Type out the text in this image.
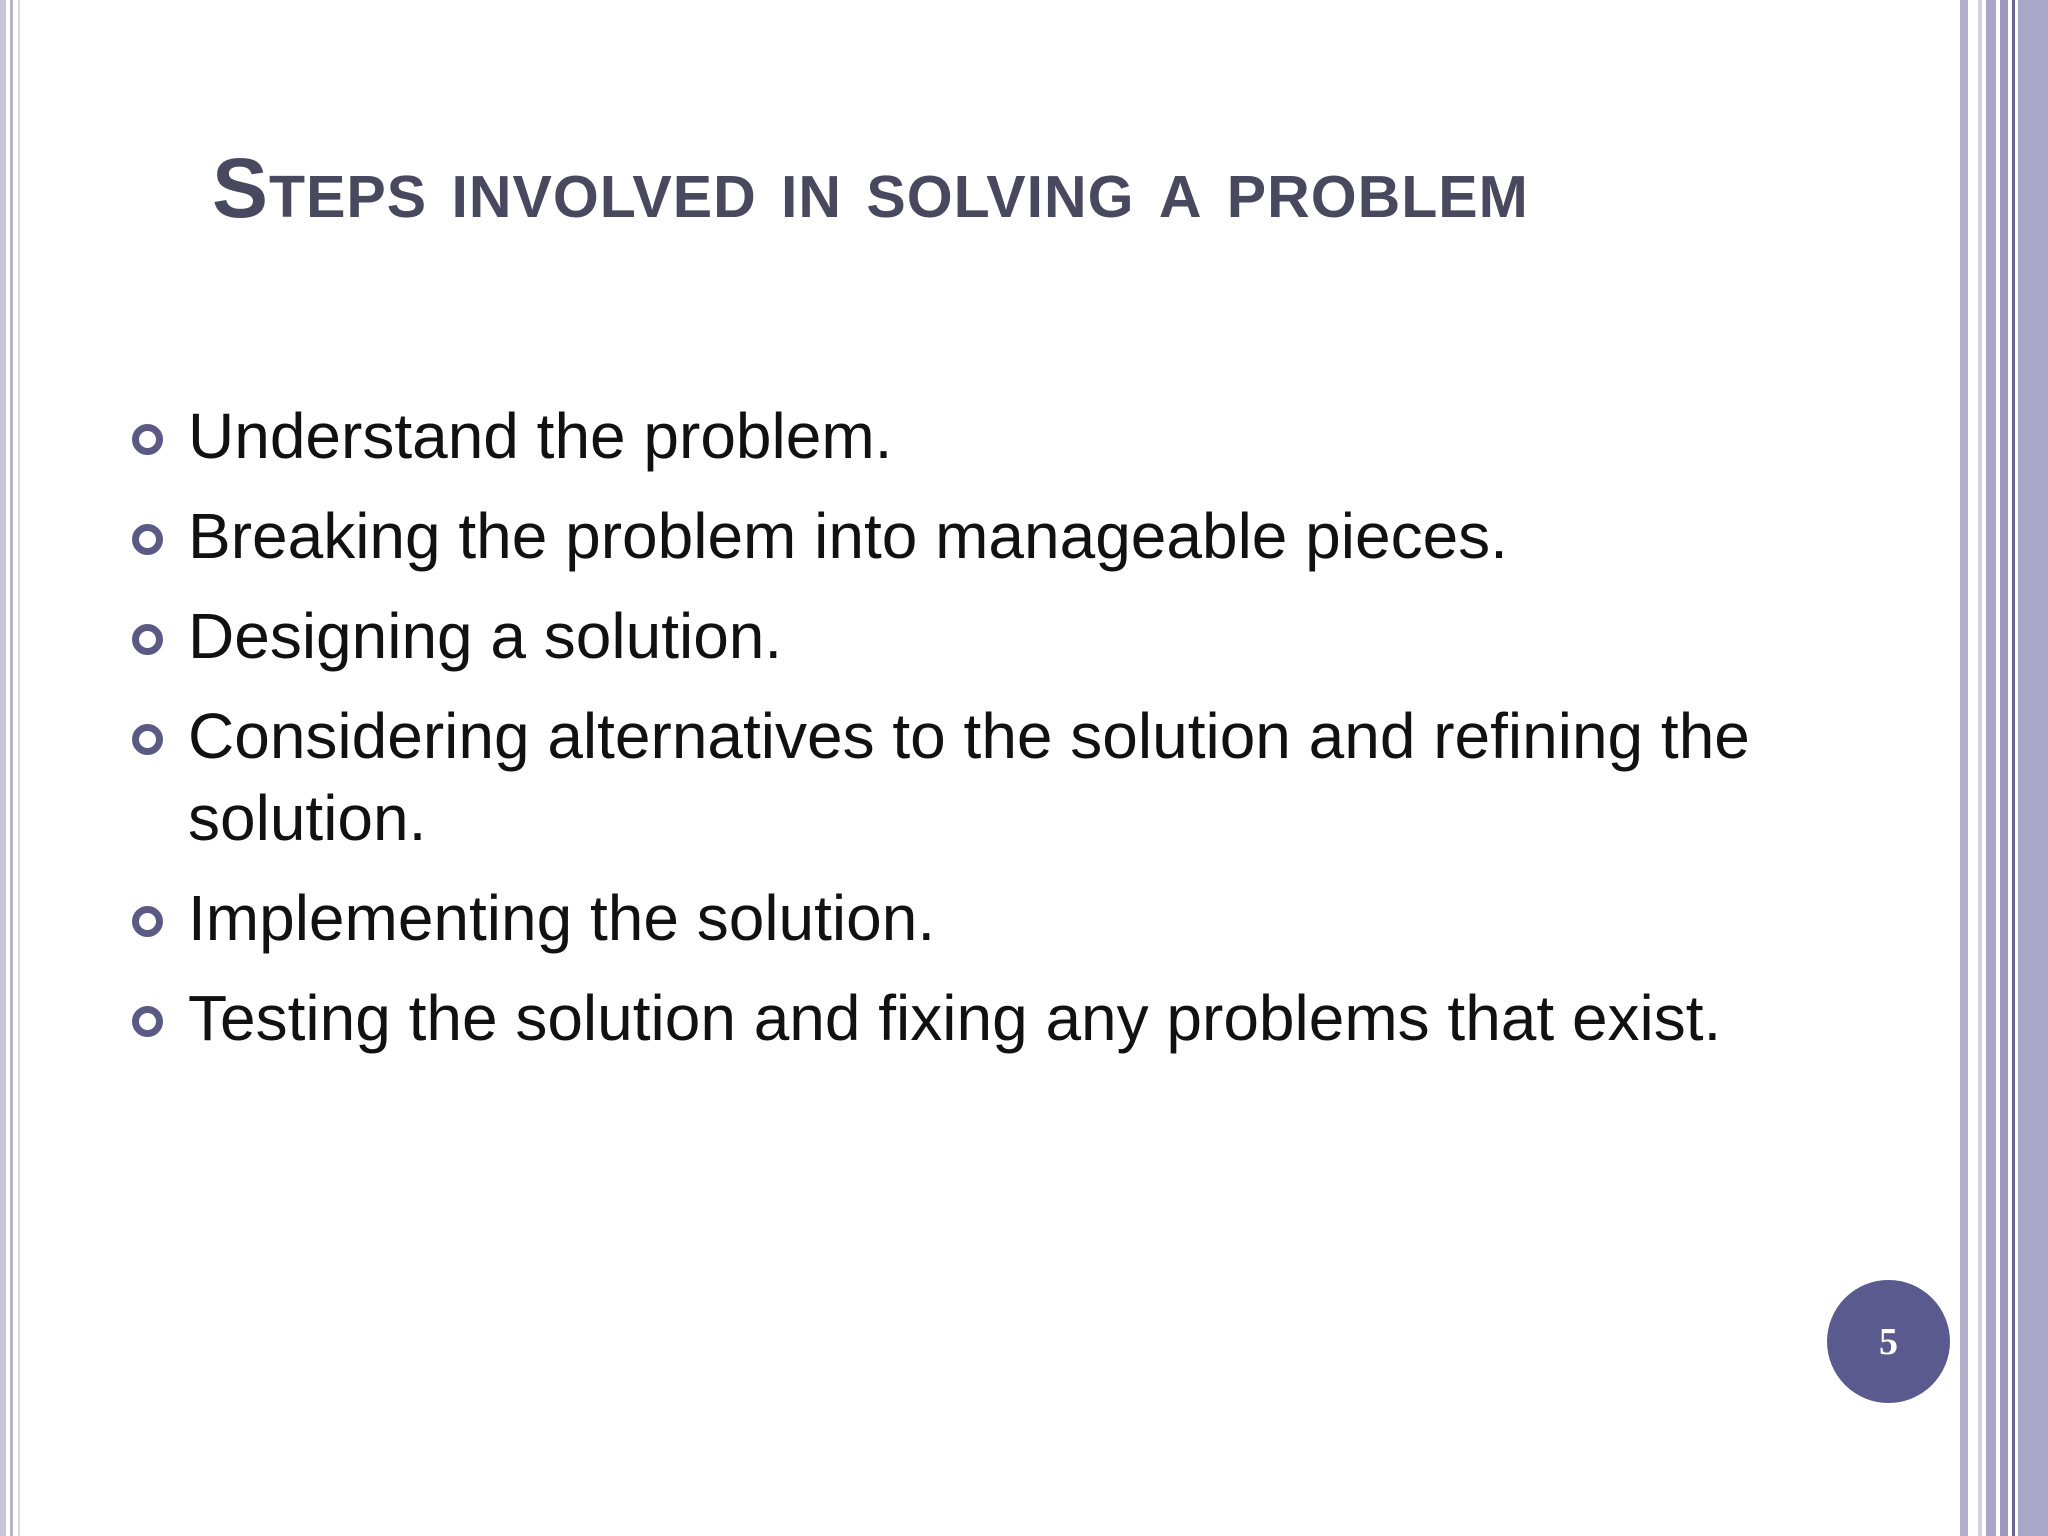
Steps involved in solving a problem
Understand the problem.
Breaking the problem into manageable pieces.
Designing a solution.
Considering alternatives to the solution and refining the solution.
Implementing the solution.
Testing the solution and fixing any problems that exist.
5
